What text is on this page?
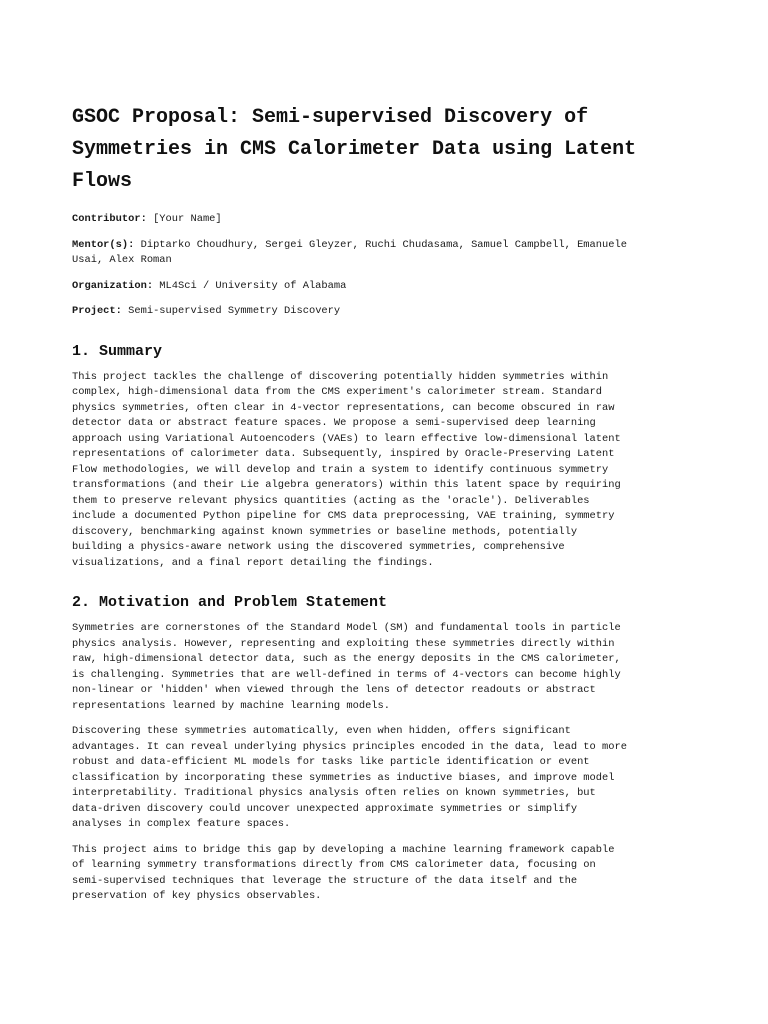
GSOC Proposal: Semi-supervised Discovery of Symmetries in CMS Calorimeter Data using Latent Flows

Contributor: [Your Name]

Mentor(s): Diptarko Choudhury, Sergei Gleyzer, Ruchi Chudasama, Samuel Campbell, Emanuele Usai, Alex Roman

Organization: ML4Sci / University of Alabama

Project: Semi-supervised Symmetry Discovery

1. Summary

This project tackles the challenge of discovering potentially hidden symmetries within complex, high-dimensional data from the CMS experiment's calorimeter stream. Standard physics symmetries, often clear in 4-vector representations, can become obscured in raw detector data or abstract feature spaces. We propose a semi-supervised deep learning approach using Variational Autoencoders (VAEs) to learn effective low-dimensional latent representations of calorimeter data. Subsequently, inspired by Oracle-Preserving Latent Flow methodologies, we will develop and train a system to identify continuous symmetry transformations (and their Lie algebra generators) within this latent space by requiring them to preserve relevant physics quantities (acting as the 'oracle'). Deliverables include a documented Python pipeline for CMS data preprocessing, VAE training, symmetry discovery, benchmarking against known symmetries or baseline methods, potentially building a physics-aware network using the discovered symmetries, comprehensive visualizations, and a final report detailing the findings.

2. Motivation and Problem Statement

Symmetries are cornerstones of the Standard Model (SM) and fundamental tools in particle physics analysis. However, representing and exploiting these symmetries directly within raw, high-dimensional detector data, such as the energy deposits in the CMS calorimeter, is challenging. Symmetries that are well-defined in terms of 4-vectors can become highly non-linear or 'hidden' when viewed through the lens of detector readouts or abstract representations learned by machine learning models.

Discovering these symmetries automatically, even when hidden, offers significant advantages. It can reveal underlying physics principles encoded in the data, lead to more robust and data-efficient ML models for tasks like particle identification or event classification by incorporating these symmetries as inductive biases, and improve model interpretability. Traditional physics analysis often relies on known symmetries, but data-driven discovery could uncover unexpected approximate symmetries or simplify analyses in complex feature spaces.

This project aims to bridge this gap by developing a machine learning framework capable of learning symmetry transformations directly from CMS calorimeter data, focusing on semi-supervised techniques that leverage the structure of the data itself and the preservation of key physics observables.
